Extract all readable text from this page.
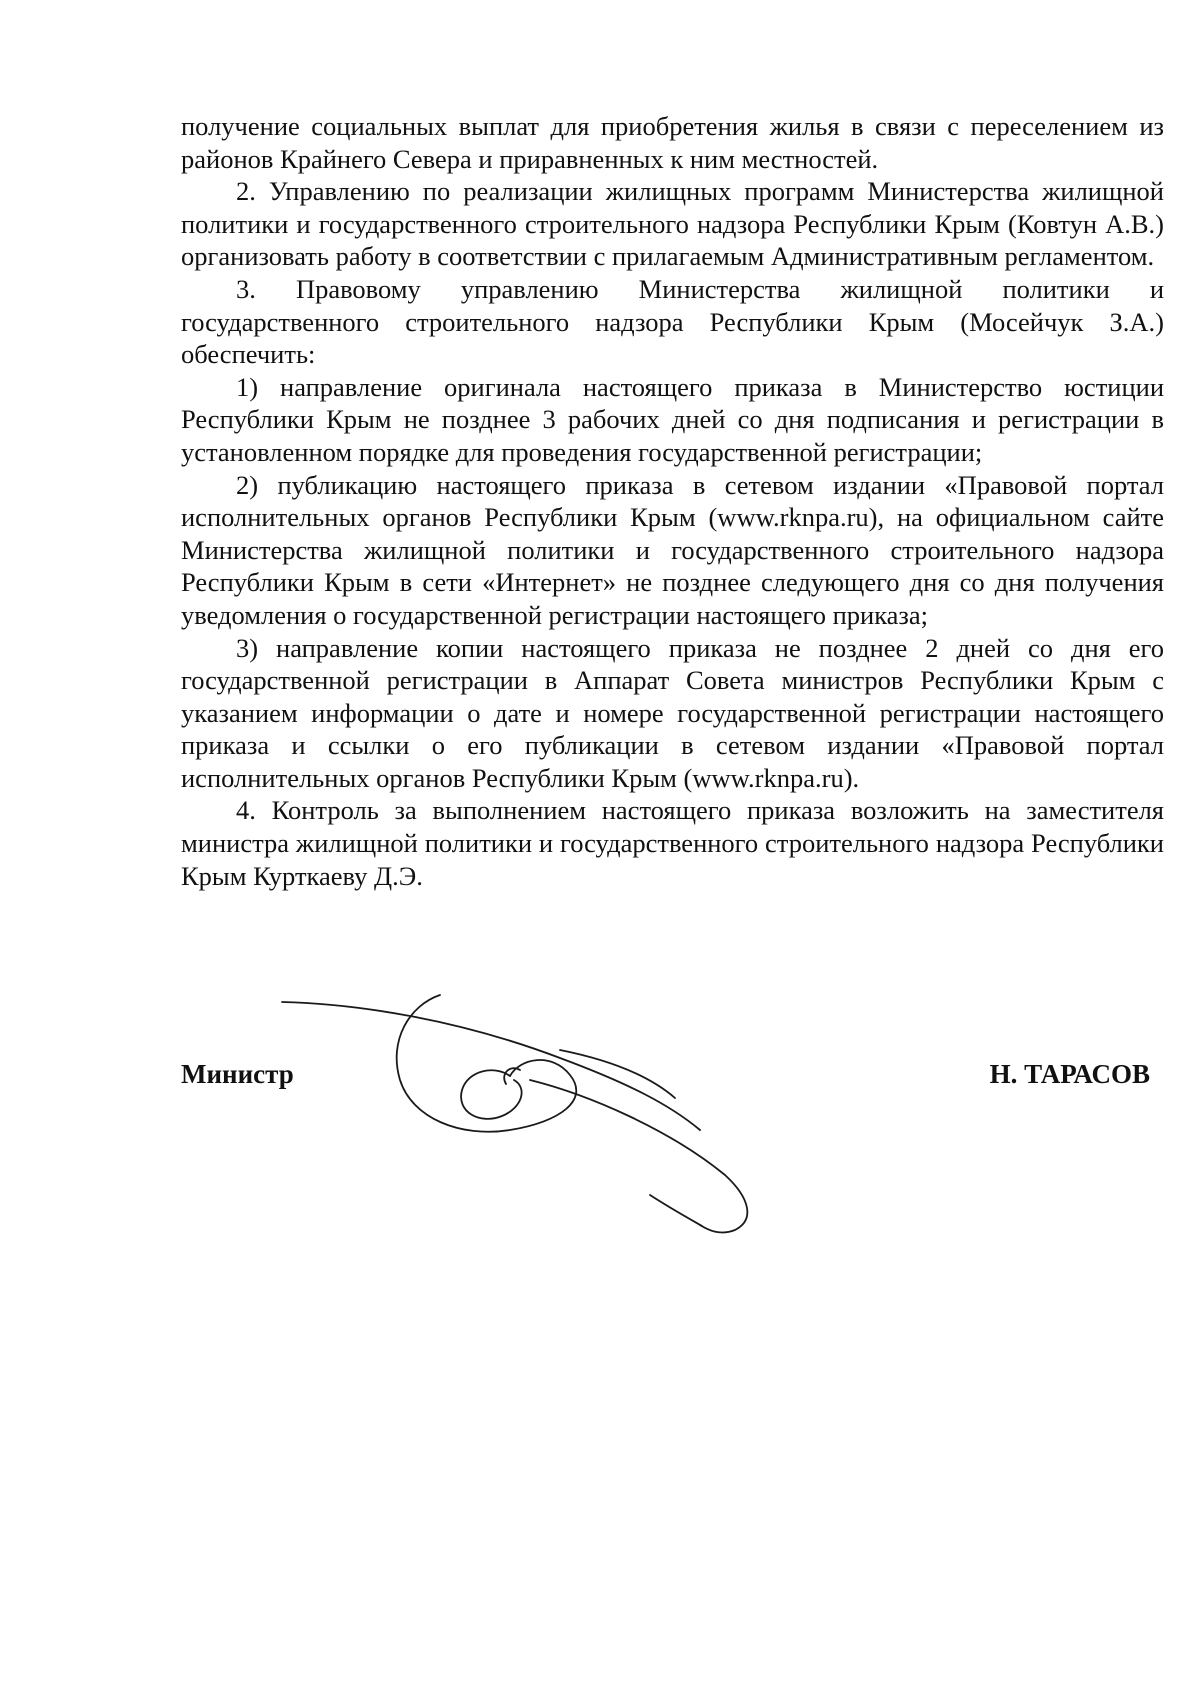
получение социальных выплат для приобретения жилья в связи с переселением из районов Крайнего Севера и приравненных к ним местностей.

2. Управлению по реализации жилищных программ Министерства жилищной политики и государственного строительного надзора Республики Крым (Ковтун А.В.) организовать работу в соответствии с прилагаемым Административным регламентом.

3. Правовому управлению Министерства жилищной политики и государственного строительного надзора Республики Крым (Мосейчук З.А.) обеспечить:

1) направление оригинала настоящего приказа в Министерство юстиции Республики Крым не позднее 3 рабочих дней со дня подписания и регистрации в установленном порядке для проведения государственной регистрации;

2) публикацию настоящего приказа в сетевом издании «Правовой портал исполнительных органов Республики Крым (www.rknpa.ru), на официальном сайте Министерства жилищной политики и государственного строительного надзора Республики Крым в сети «Интернет» не позднее следующего дня со дня получения уведомления о государственной регистрации настоящего приказа;

3) направление копии настоящего приказа не позднее 2 дней со дня его государственной регистрации в Аппарат Совета министров Республики Крым с указанием информации о дате и номере государственной регистрации настоящего приказа и ссылки о его публикации в сетевом издании «Правовой портал исполнительных органов Республики Крым (www.rknpa.ru).

4. Контроль за выполнением настоящего приказа возложить на заместителя министра жилищной политики и государственного строительного надзора Республики Крым Курткаеву Д.Э.

Министр	Н. ТАРАСОВ
